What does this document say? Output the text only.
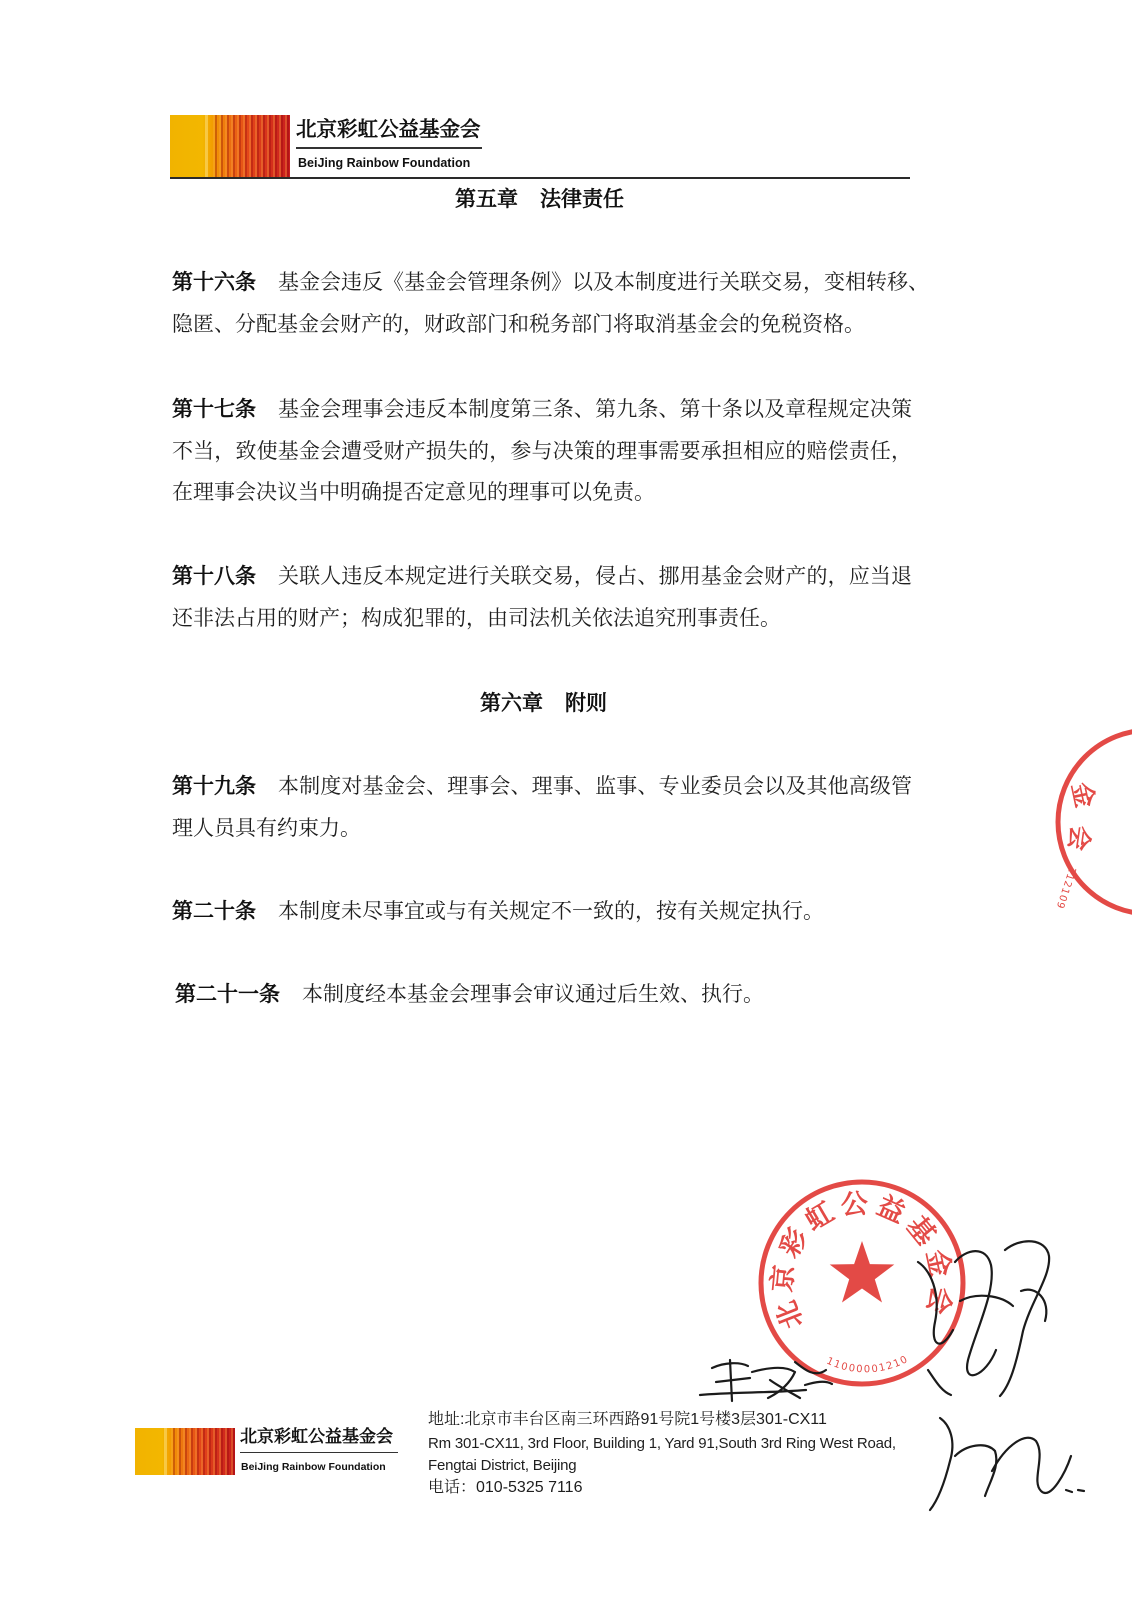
北京彩虹公益基金会
BeiJing Rainbow Foundation
第五章 法律责任
第十六条 基金会违反《基金会管理条例》以及本制度进行关联交易，变相转移、
隐匿、分配基金会财产的，财政部门和税务部门将取消基金会的免税资格。
第十七条 基金会理事会违反本制度第三条、第九条、第十条以及章程规定决策
不当，致使基金会遭受财产损失的，参与决策的理事需要承担相应的赔偿责任，
在理事会决议当中明确提否定意见的理事可以免责。
第十八条 关联人违反本规定进行关联交易，侵占、挪用基金会财产的，应当退
还非法占用的财产；构成犯罪的，由司法机关依法追究刑事责任。
第六章 附则
第十九条 本制度对基金会、理事会、理事、监事、专业委员会以及其他高级管
理人员具有约束力。
第二十条 本制度未尽事宜或与有关规定不一致的，按有关规定执行。
第二十一条 本制度经本基金会理事会审议通过后生效、执行。
北京彩虹公益基金会
BeiJing Rainbow Foundation
地址:北京市丰台区南三环西路91号院1号楼3层301-CX11
Rm 301-CX11, 3rd Floor, Building 1, Yard 91,South 3rd Ring West Road,
Fengtai District, Beijing
电话：010-5325 7116
北京彩虹公益基金会
11000001210
金
会
112109
